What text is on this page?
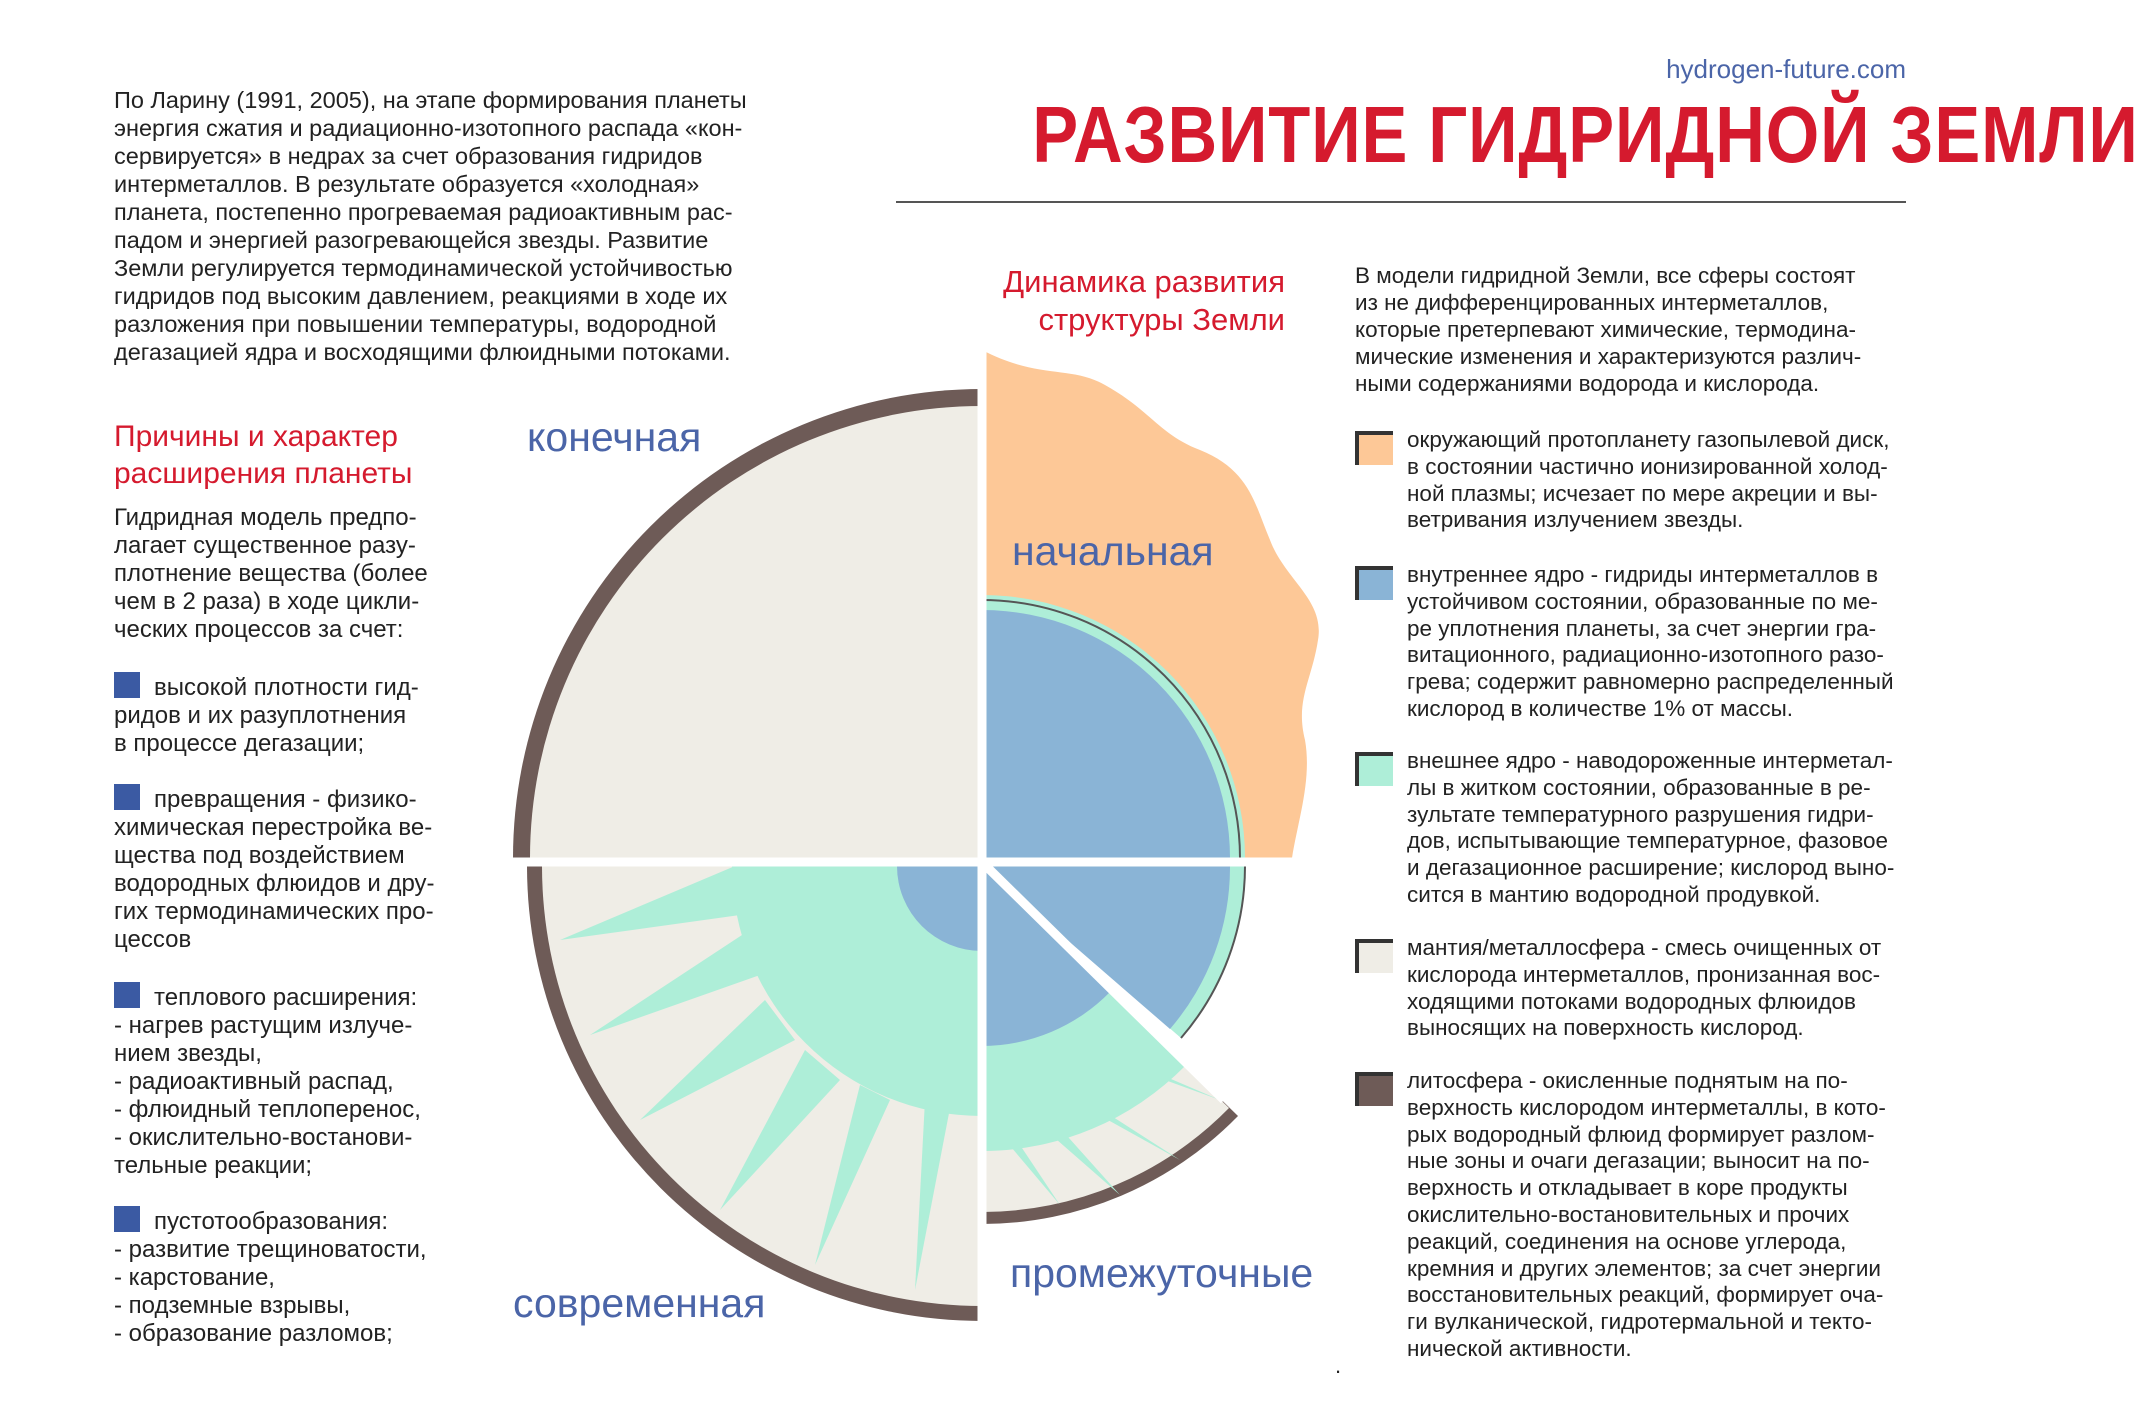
hydrogen-future.com
РАЗВИТИЕ ГИДРИДНОЙ ЗЕМЛИ
По Ларину (1991, 2005), на этапе формирования планеты
энергия сжатия и радиационно-изотопного распада «кон-
сервируется» в недрах за счет образования гидридов
интерметаллов. В результате образуется «холодная»
планета, постепенно прогреваемая радиоактивным рас-
падом и энергией разогревающейся звезды. Развитие
Земли регулируется термодинамической устойчивостью
гидридов под высоким давлением, реакциями в ходе их
разложения при повышении температуры, водородной
дегазацией ядра и восходящими флюидными потоками.
Динамика развития
структуры Земли
Причины и характер
расширения планеты
Гидридная модель предпо-
лагает существенное разу-
плотнение вещества (более
чем в 2 раза) в ходе цикли-
ческих процессов за счет:
высокой плотности гид-
ридов и их разуплотнения
в процессе дегазации;
превращения - физико-
химическая перестройка ве-
щества под воздействием
водородных флюидов и дру-
гих термодинамических про-
цессов
теплового расширения:
- нагрев растущим излуче-
нием звезды,
- радиоактивный распад,
- флюидный теплоперенос,
- окислительно-востанови-
тельные реакции;
пустотообразования:
- развитие трещиноватости,
- карстование,
- подземные взрывы,
- образование разломов;
В модели гидридной Земли, все сферы состоят
из не дифференцированных интерметаллов,
которые претерпевают химические, термодина-
мические изменения и характеризуются различ-
ными содержаниями водорода и кислорода.
окружающий протопланету газопылевой диск,
в состоянии частично ионизированной холод-
ной плазмы; исчезает по мере акреции и вы-
ветривания излучением звезды.
внутреннее ядро - гидриды интерметаллов в
устойчивом состоянии, образованные по ме-
ре уплотнения планеты, за счет энергии гра-
витационного, радиационно-изотопного разо-
грева; содержит равномерно распределенный
кислород в количестве 1% от массы.
внешнее ядро - наводороженные интерметал-
лы в житком состоянии, образованные в ре-
зультате температурного разрушения гидри-
дов, испытывающие температурное, фазовое
и дегазационное расширение; кислород выно-
сится в мантию водородной продувкой.
мантия/металлосфера - смесь очищенных от
кислорода интерметаллов, пронизанная вос-
ходящими потоками водородных флюидов
выносящих на поверхность кислород.
литосфера - окисленные поднятым на по-
верхность кислородом интерметаллы, в кото-
рых водородный флюид формирует разлом-
ные зоны и очаги дегазации; выносит на по-
верхность и откладывает в коре продукты
окислительно-востановительных и прочих
реакций, соединения на основе углерода,
кремния и других элементов; за счет энергии
восстановительных реакций, формирует оча-
ги вулканической, гидротермальной и текто-
нической активности.
.
конечная
начальная
современная
промежуточные
